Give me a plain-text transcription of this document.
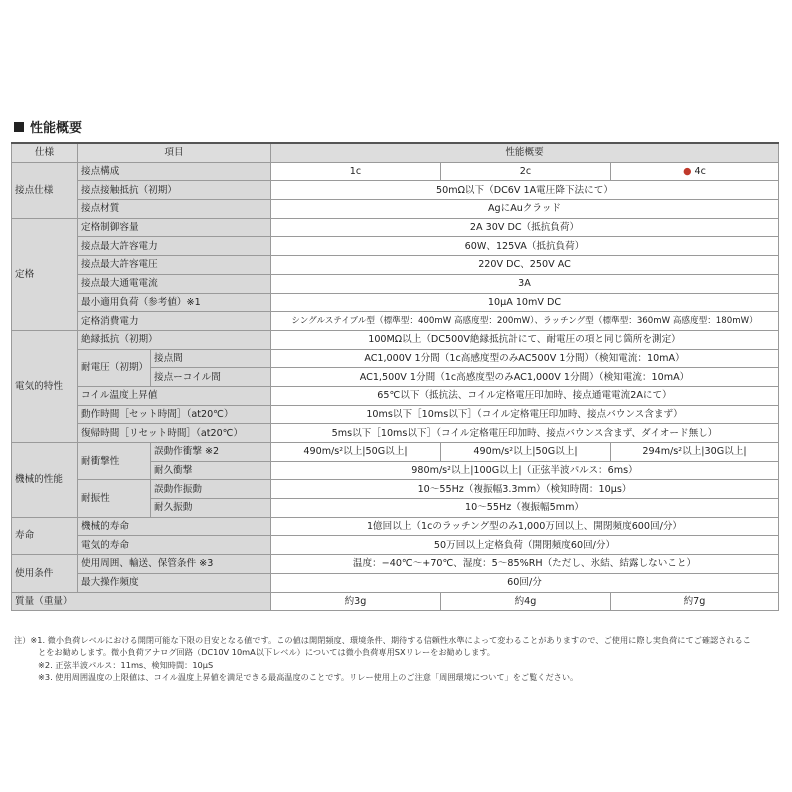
性能概要
仕様	項目		性能概要		
接点仕様	接点構成		1c	2c	● 4c
	接点接触抵抗（初期）		50mΩ以下（DC6V 1A電圧降下法にて）		
	接点材質		AgにAuクラッド		
定格	定格制御容量		2A 30V DC（抵抗負荷）		
	接点最大許容電力		60W、125VA（抵抗負荷）		
	接点最大許容電圧		220V DC、250V AC		
	接点最大通電電流		3A		
	最小適用負荷（参考値）※1		10μA 10mV DC		
	定格消費電力		シングルステイブル型（標準型：400mW 高感度型：200mW）、ラッチング型（標準型：360mW 高感度型：180mW）		
電気的特性	絶縁抵抗（初期）		100MΩ以上（DC500V絶縁抵抗計にて、耐電圧の項と同じ箇所を測定）		
	耐電圧（初期）	接点間	AC1,000V 1分間（1c高感度型のみAC500V 1分間）（検知電流：10mA）		
		接点ーコイル間	AC1,500V 1分間（1c高感度型のみAC1,000V 1分間）（検知電流：10mA）		
	コイル温度上昇値		65℃以下（抵抗法、コイル定格電圧印加時、接点通電電流2Aにて）		
	動作時間［セット時間］（at20℃）		10ms以下［10ms以下］（コイル定格電圧印加時、接点バウンス含まず）		
	復帰時間［リセット時間］（at20℃）		5ms以下［10ms以下］（コイル定格電圧印加時、接点バウンス含まず、ダイオード無し）		
機械的性能	耐衝撃性	誤動作衝撃 ※2	490m/s²以上|50G以上|	490m/s²以上|50G以上|	294m/s²以上|30G以上|
		耐久衝撃	980m/s²以上|100G以上|（正弦半波パルス：6ms）		
	耐振性	誤動作振動	10〜55Hz（複振幅3.3mm）（検知時間：10μs）		
		耐久振動	10〜55Hz（複振幅5mm）		
寿命	機械的寿命		1億回以上（1cのラッチング型のみ1,000万回以上、開閉頻度600回/分）		
	電気的寿命		50万回以上定格負荷（開閉頻度60回/分）		
使用条件	使用周囲、輸送、保管条件 ※3		温度：−40℃〜+70℃、湿度：5〜85%RH（ただし、氷結、結露しないこと）		
	最大操作頻度		60回/分		
質量（重量）			約3g	約4g	約7g

注）※1. 微小負荷レベルにおける開閉可能な下限の目安となる値です。この値は開閉頻度、環境条件、期待する信頼性水準によって変わることがありますので、ご使用に際し実負荷にてご確認されるこ

とをお勧めします。微小負荷アナログ回路（DC10V 10mA以下レベル）については微小負荷専用SXリレーをお勧めします。

※2. 正弦半波パルス：11ms、検知時間：10μS

※3. 使用周囲温度の上限値は、コイル温度上昇値を満足できる最高温度のことです。リレー使用上のご注意「周囲環境について」をご覧ください。
